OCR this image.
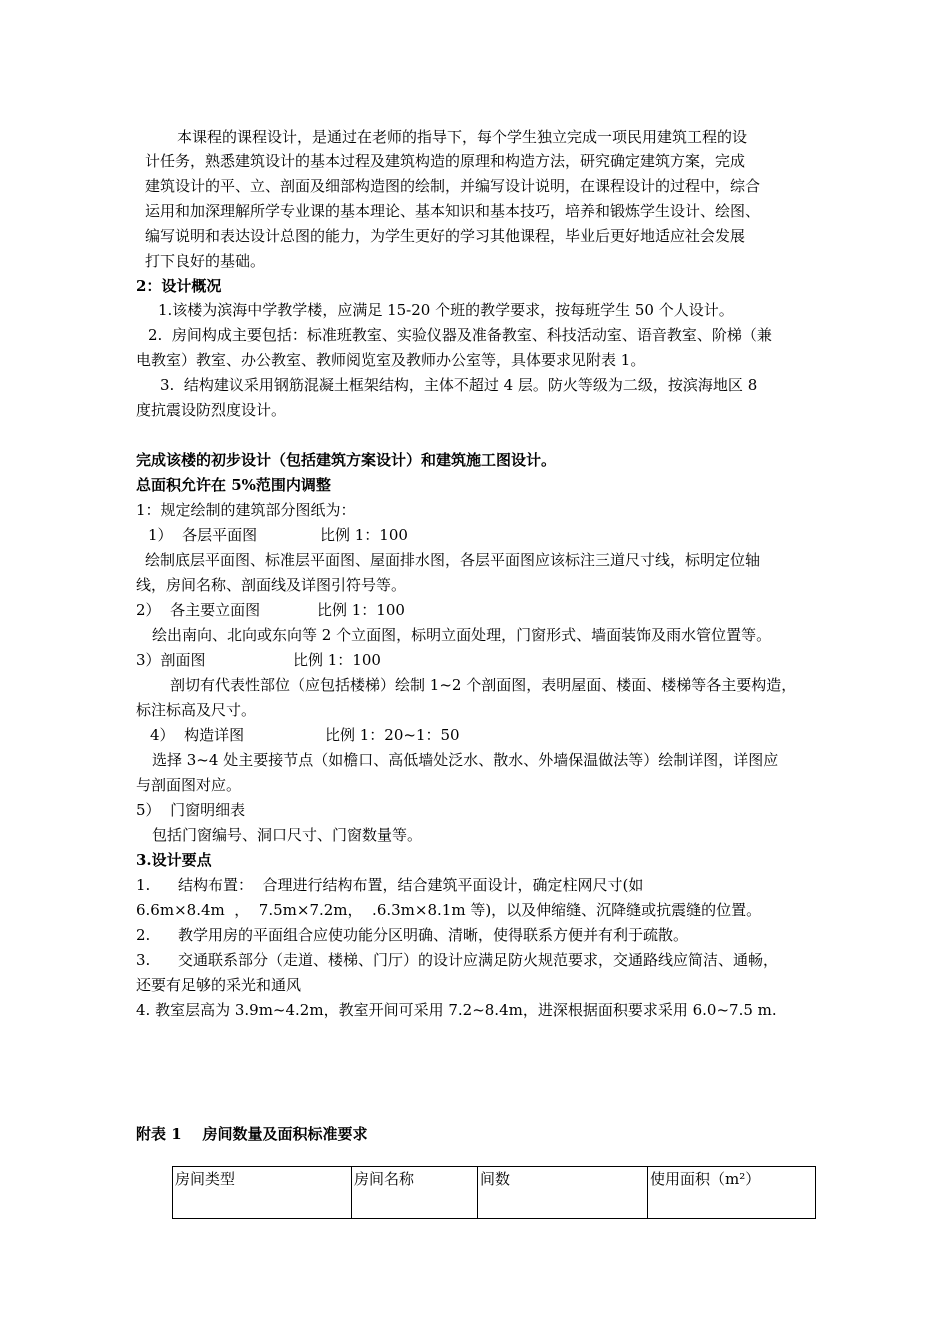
本课程的课程设计，是通过在老师的指导下，每个学生独立完成一项民用建筑工程的设
计任务，熟悉建筑设计的基本过程及建筑构造的原理和构造方法，研究确定建筑方案，完成
建筑设计的平、立、剖面及细部构造图的绘制，并编写设计说明，在课程设计的过程中，综合
运用和加深理解所学专业课的基本理论、基本知识和基本技巧，培养和锻炼学生设计、绘图、
编写说明和表达设计总图的能力，为学生更好的学习其他课程，毕业后更好地适应社会发展
打下良好的基础。
2：设计概况
1.该楼为滨海中学教学楼，应满足 15-20 个班的教学要求，按每班学生 50 个人设计。
2.  房间构成主要包括：标准班教室、实验仪器及准备教室、科技活动室、语音教室、阶梯（兼
电教室）教室、办公教室、教师阅览室及教师办公室等，具体要求见附表 1。
3.  结构建议采用钢筋混凝土框架结构，主体不超过 4 层。防火等级为二级，按滨海地区 8
度抗震设防烈度设计。
完成该楼的初步设计（包括建筑方案设计）和建筑施工图设计。
总面积允许在 5%范围内调整
1：规定绘制的建筑部分图纸为：
1）  各层平面图	比例 1：100
绘制底层平面图、标准层平面图、屋面排水图，各层平面图应该标注三道尺寸线，标明定位轴
线，房间名称、剖面线及详图引符号等。
2）  各主要立面图	比例 1：100
绘出南向、北向或东向等 2 个立面图，标明立面处理，门窗形式、墙面装饰及雨水管位置等。
3）剖面图	比例 1：100
剖切有代表性部位（应包括楼梯）绘制 1~2 个剖面图，表明屋面、楼面、楼梯等各主要构造，
标注标高及尺寸。
4）  构造详图	比例 1：20~1：50
选择 3~4 处主要接节点（如檐口、高低墙处泛水、散水、外墙保温做法等）绘制详图，详图应
与剖面图对应。
5）  门窗明细表
包括门窗编号、洞口尺寸、门窗数量等。
3.设计要点
1. 结构布置：  合理进行结构布置，结合建筑平面设计，确定柱网尺寸(如
6.6m×8.4m  ，  7.5m×7.2m，  .6.3m×8.1m 等)，以及伸缩缝、沉降缝或抗震缝的位置。
2. 教学用房的平面组合应使功能分区明确、清晰，使得联系方便并有利于疏散。
3. 交通联系部分（走道、楼梯、门厅）的设计应满足防火规范要求，交通路线应简洁、通畅，
还要有足够的采光和通风
4. 教室层高为 3.9m~4.2m，教室开间可采用 7.2~8.4m，进深根据面积要求采用 6.0~7.5 m.
附表 1    房间数量及面积标准要求
房间类型	房间名称	间数	使用面积（m²）
